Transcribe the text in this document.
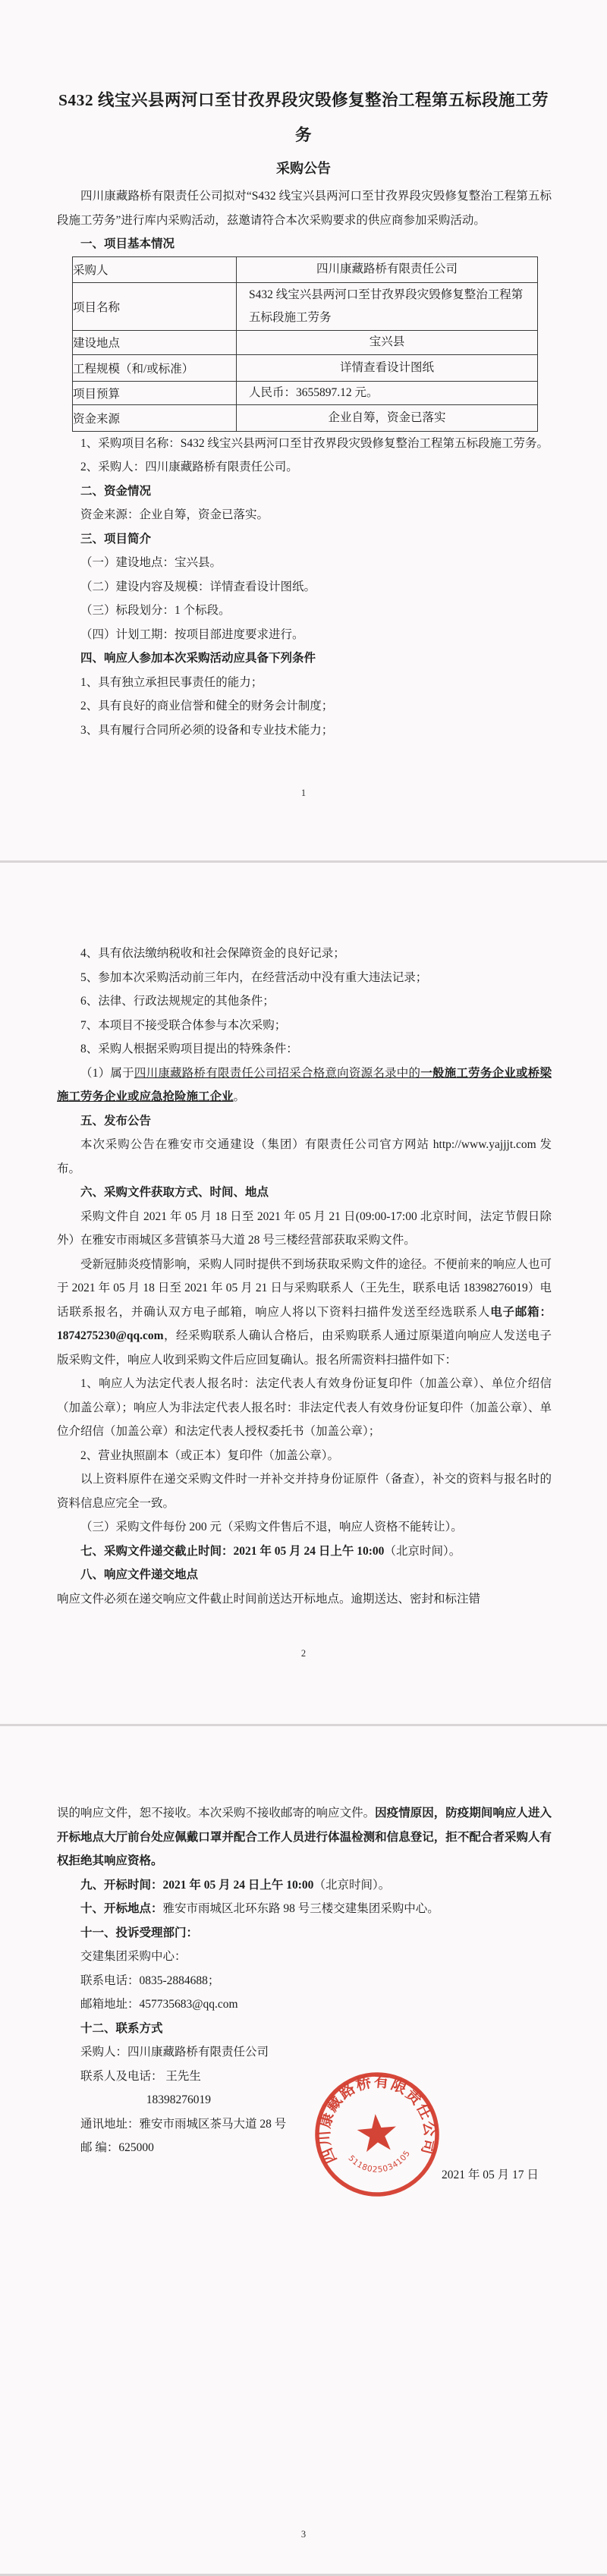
S432 线宝兴县两河口至甘孜界段灾毁修复整治工程第五标段施工劳务
采购公告
四川康藏路桥有限责任公司拟对“S432 线宝兴县两河口至甘孜界段灾毁修复整治工程第五标段施工劳务”进行库内采购活动，兹邀请符合本次采购要求的供应商参加采购活动。
一、项目基本情况
采购人	四川康藏路桥有限责任公司
项目名称	S432 线宝兴县两河口至甘孜界段灾毁修复整治工程第五标段施工劳务
建设地点	宝兴县
工程规模（和/或标准）	详情查看设计图纸
项目预算	人民币：3655897.12 元。
资金来源	企业自筹，资金已落实
1、采购项目名称：S432 线宝兴县两河口至甘孜界段灾毁修复整治工程第五标段施工劳务。
2、采购人：四川康藏路桥有限责任公司。
二、资金情况
资金来源：企业自筹，资金已落实。
三、项目简介
（一）建设地点：宝兴县。
（二）建设内容及规模：详情查看设计图纸。
（三）标段划分：1 个标段。
（四）计划工期：按项目部进度要求进行。
四、响应人参加本次采购活动应具备下列条件
1、具有独立承担民事责任的能力；
2、具有良好的商业信誉和健全的财务会计制度；
3、具有履行合同所必须的设备和专业技术能力；
1
4、具有依法缴纳税收和社会保障资金的良好记录；
5、参加本次采购活动前三年内，在经营活动中没有重大违法记录；
6、法律、行政法规规定的其他条件；
7、本项目不接受联合体参与本次采购；
8、采购人根据采购项目提出的特殊条件：
（1）属于四川康藏路桥有限责任公司招采合格意向资源名录中的一般施工劳务企业或桥梁施工劳务企业或应急抢险施工企业。
五、发布公告
本次采购公告在雅安市交通建设（集团）有限责任公司官方网站 http://www.yajjjt.com 发布。
六、采购文件获取方式、时间、地点
采购文件自 2021 年 05 月 18 日至 2021 年 05 月 21 日(09:00-17:00 北京时间，法定节假日除外）在雅安市雨城区多营镇茶马大道 28 号三楼经营部获取采购文件。
受新冠肺炎疫情影响，采购人同时提供不到场获取采购文件的途径。不便前来的响应人也可于 2021 年 05 月 18 日至 2021 年 05 月 21 日与采购联系人（王先生，联系电话 18398276019）电话联系报名，并确认双方电子邮箱，响应人将以下资料扫描件发送至经选联系人电子邮箱：1874275230@qq.com，经采购联系人确认合格后，由采购联系人通过原渠道向响应人发送电子版采购文件，响应人收到采购文件后应回复确认。报名所需资料扫描件如下：
1、响应人为法定代表人报名时：法定代表人有效身份证复印件（加盖公章）、单位介绍信（加盖公章）；响应人为非法定代表人报名时：非法定代表人有效身份证复印件（加盖公章）、单位介绍信（加盖公章）和法定代表人授权委托书（加盖公章）；
2、营业执照副本（或正本）复印件（加盖公章）。
以上资料原件在递交采购文件时一并补交并持身份证原件（备查），补交的资料与报名时的资料信息应完全一致。
（三）采购文件每份 200 元（采购文件售后不退，响应人资格不能转让）。
七、采购文件递交截止时间：2021 年 05 月 24 日上午 10:00（北京时间）。
八、响应文件递交地点
响应文件必须在递交响应文件截止时间前送达开标地点。逾期送达、密封和标注错
2
误的响应文件，恕不接收。本次采购不接收邮寄的响应文件。因疫情原因，防疫期间响应人进入开标地点大厅前台处应佩戴口罩并配合工作人员进行体温检测和信息登记，拒不配合者采购人有权拒绝其响应资格。
九、开标时间：2021 年 05 月 24 日上午 10:00（北京时间）。
十、开标地点：雅安市雨城区北环东路 98 号三楼交建集团采购中心。
十一、投诉受理部门：
交建集团采购中心：
联系电话：0835-2884688；
邮箱地址：457735683@qq.com
十二、联系方式
采购人：四川康藏路桥有限责任公司
联系人及电话： 王先生
18398276019
通讯地址：雅安市雨城区茶马大道 28 号
邮 编：625000
2021 年 05 月 17 日
四川康藏路桥有限责任公司
5118025034105
3
